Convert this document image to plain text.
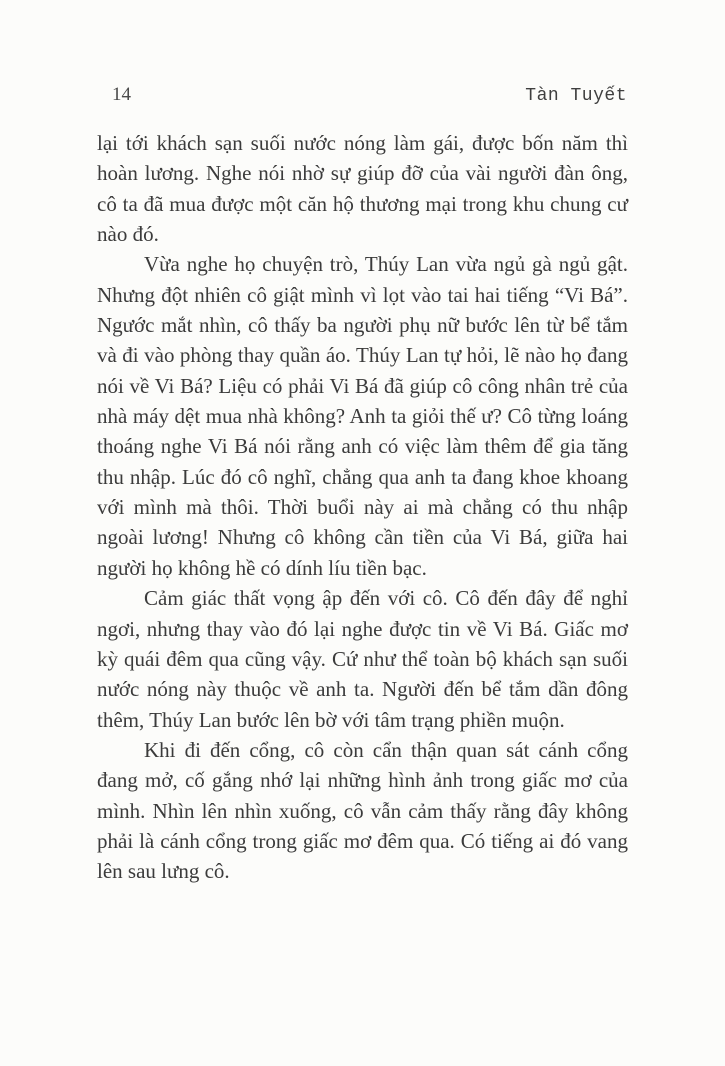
14	Tàn Tuyết

lại tới khách sạn suối nước nóng làm gái, được bốn năm thì hoàn lương. Nghe nói nhờ sự giúp đỡ của vài người đàn ông, cô ta đã mua được một căn hộ thương mại trong khu chung cư nào đó.

Vừa nghe họ chuyện trò, Thúy Lan vừa ngủ gà ngủ gật. Nhưng đột nhiên cô giật mình vì lọt vào tai hai tiếng “Vi Bá”. Ngước mắt nhìn, cô thấy ba người phụ nữ bước lên từ bể tắm và đi vào phòng thay quần áo. Thúy Lan tự hỏi, lẽ nào họ đang nói về Vi Bá? Liệu có phải Vi Bá đã giúp cô công nhân trẻ của nhà máy dệt mua nhà không? Anh ta giỏi thế ư? Cô từng loáng thoáng nghe Vi Bá nói rằng anh có việc làm thêm để gia tăng thu nhập. Lúc đó cô nghĩ, chẳng qua anh ta đang khoe khoang với mình mà thôi. Thời buổi này ai mà chẳng có thu nhập ngoài lương! Nhưng cô không cần tiền của Vi Bá, giữa hai người họ không hề có dính líu tiền bạc.

Cảm giác thất vọng ập đến với cô. Cô đến đây để nghỉ ngơi, nhưng thay vào đó lại nghe được tin về Vi Bá. Giấc mơ kỳ quái đêm qua cũng vậy. Cứ như thể toàn bộ khách sạn suối nước nóng này thuộc về anh ta. Người đến bể tắm dần đông thêm, Thúy Lan bước lên bờ với tâm trạng phiền muộn.

Khi đi đến cổng, cô còn cẩn thận quan sát cánh cổng đang mở, cố gắng nhớ lại những hình ảnh trong giấc mơ của mình. Nhìn lên nhìn xuống, cô vẫn cảm thấy rằng đây không phải là cánh cổng trong giấc mơ đêm qua. Có tiếng ai đó vang lên sau lưng cô.
